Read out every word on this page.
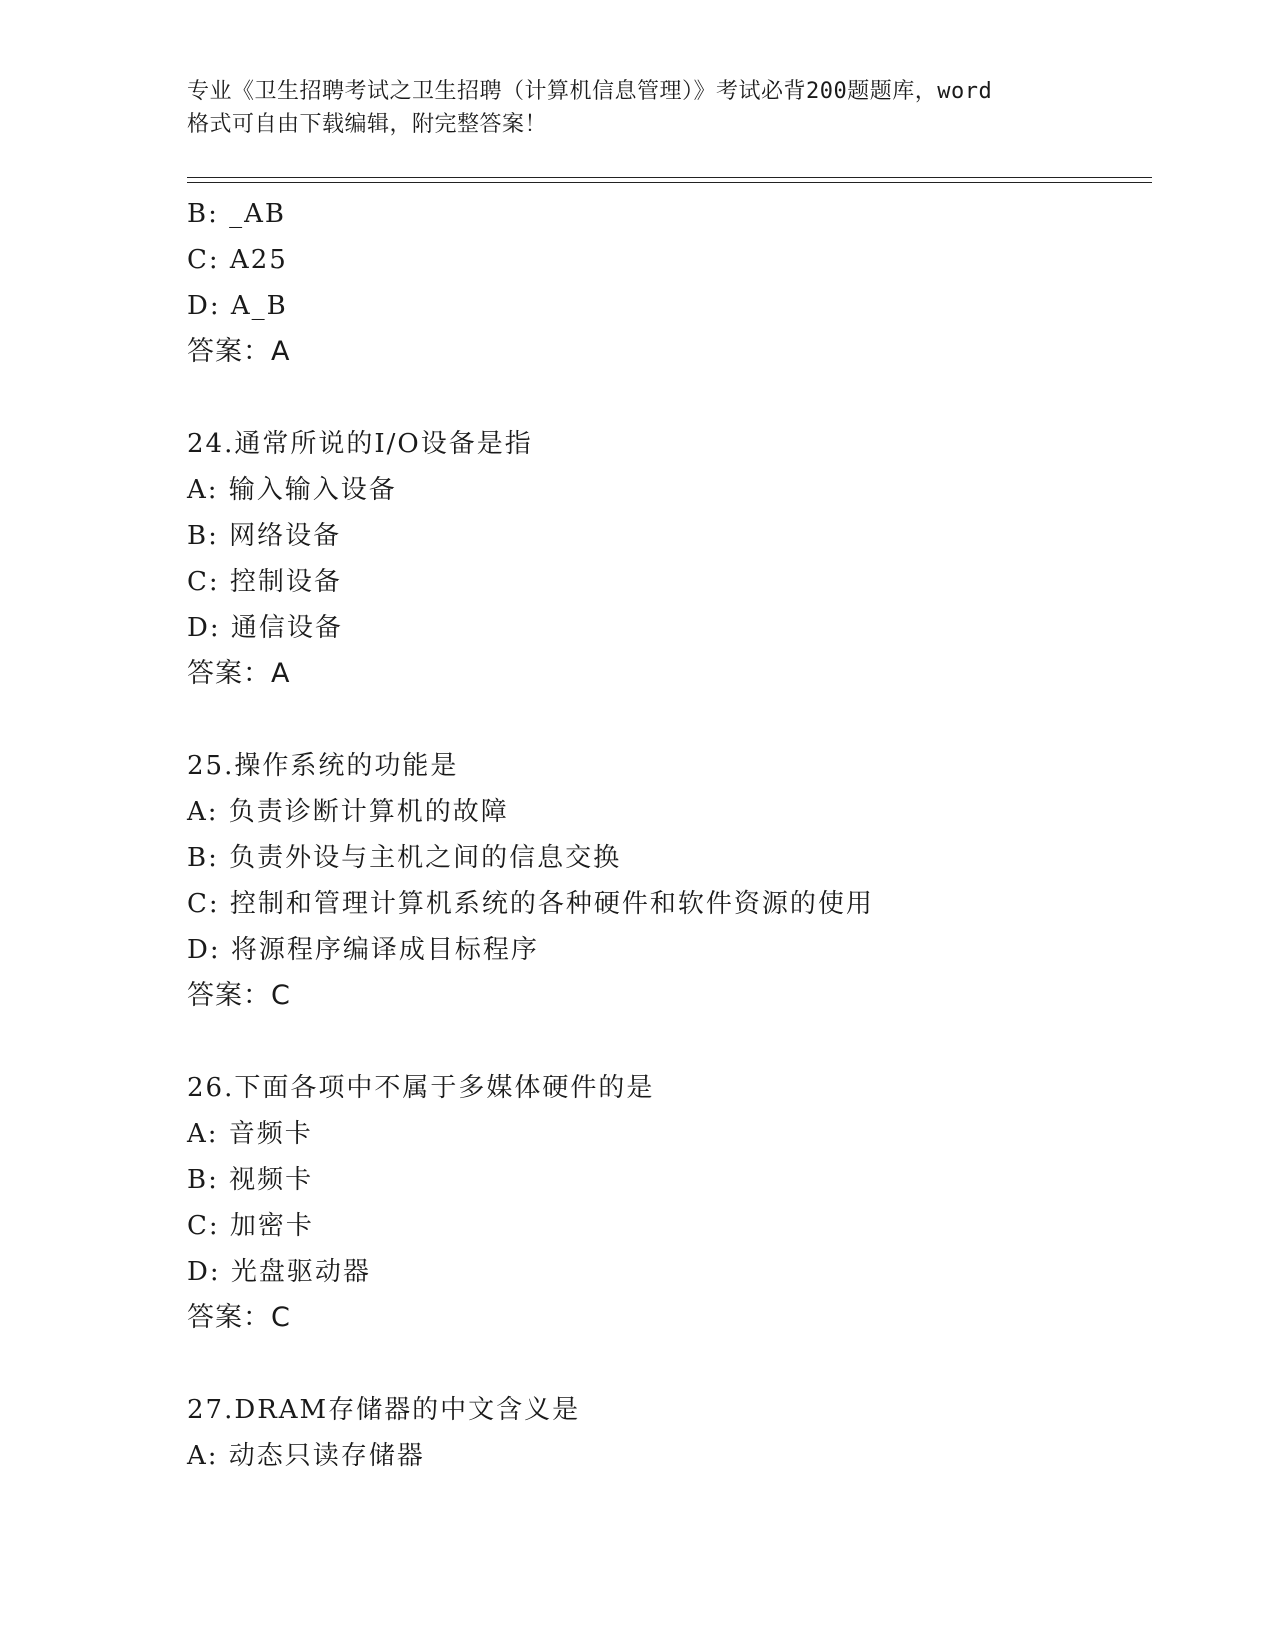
专业《卫生招聘考试之卫生招聘（计算机信息管理）》考试必背200题题库，word
格式可自由下载编辑，附完整答案！
B: _AB
C: A25
D: A_B
答案：A
24.通常所说的I/O设备是指
A: 输入输入设备
B: 网络设备
C: 控制设备
D: 通信设备
答案：A
25.操作系统的功能是
A: 负责诊断计算机的故障
B: 负责外设与主机之间的信息交换
C: 控制和管理计算机系统的各种硬件和软件资源的使用
D: 将源程序编译成目标程序
答案：C
26.下面各项中不属于多媒体硬件的是
A: 音频卡
B: 视频卡
C: 加密卡
D: 光盘驱动器
答案：C
27.DRAM存储器的中文含义是
A: 动态只读存储器
